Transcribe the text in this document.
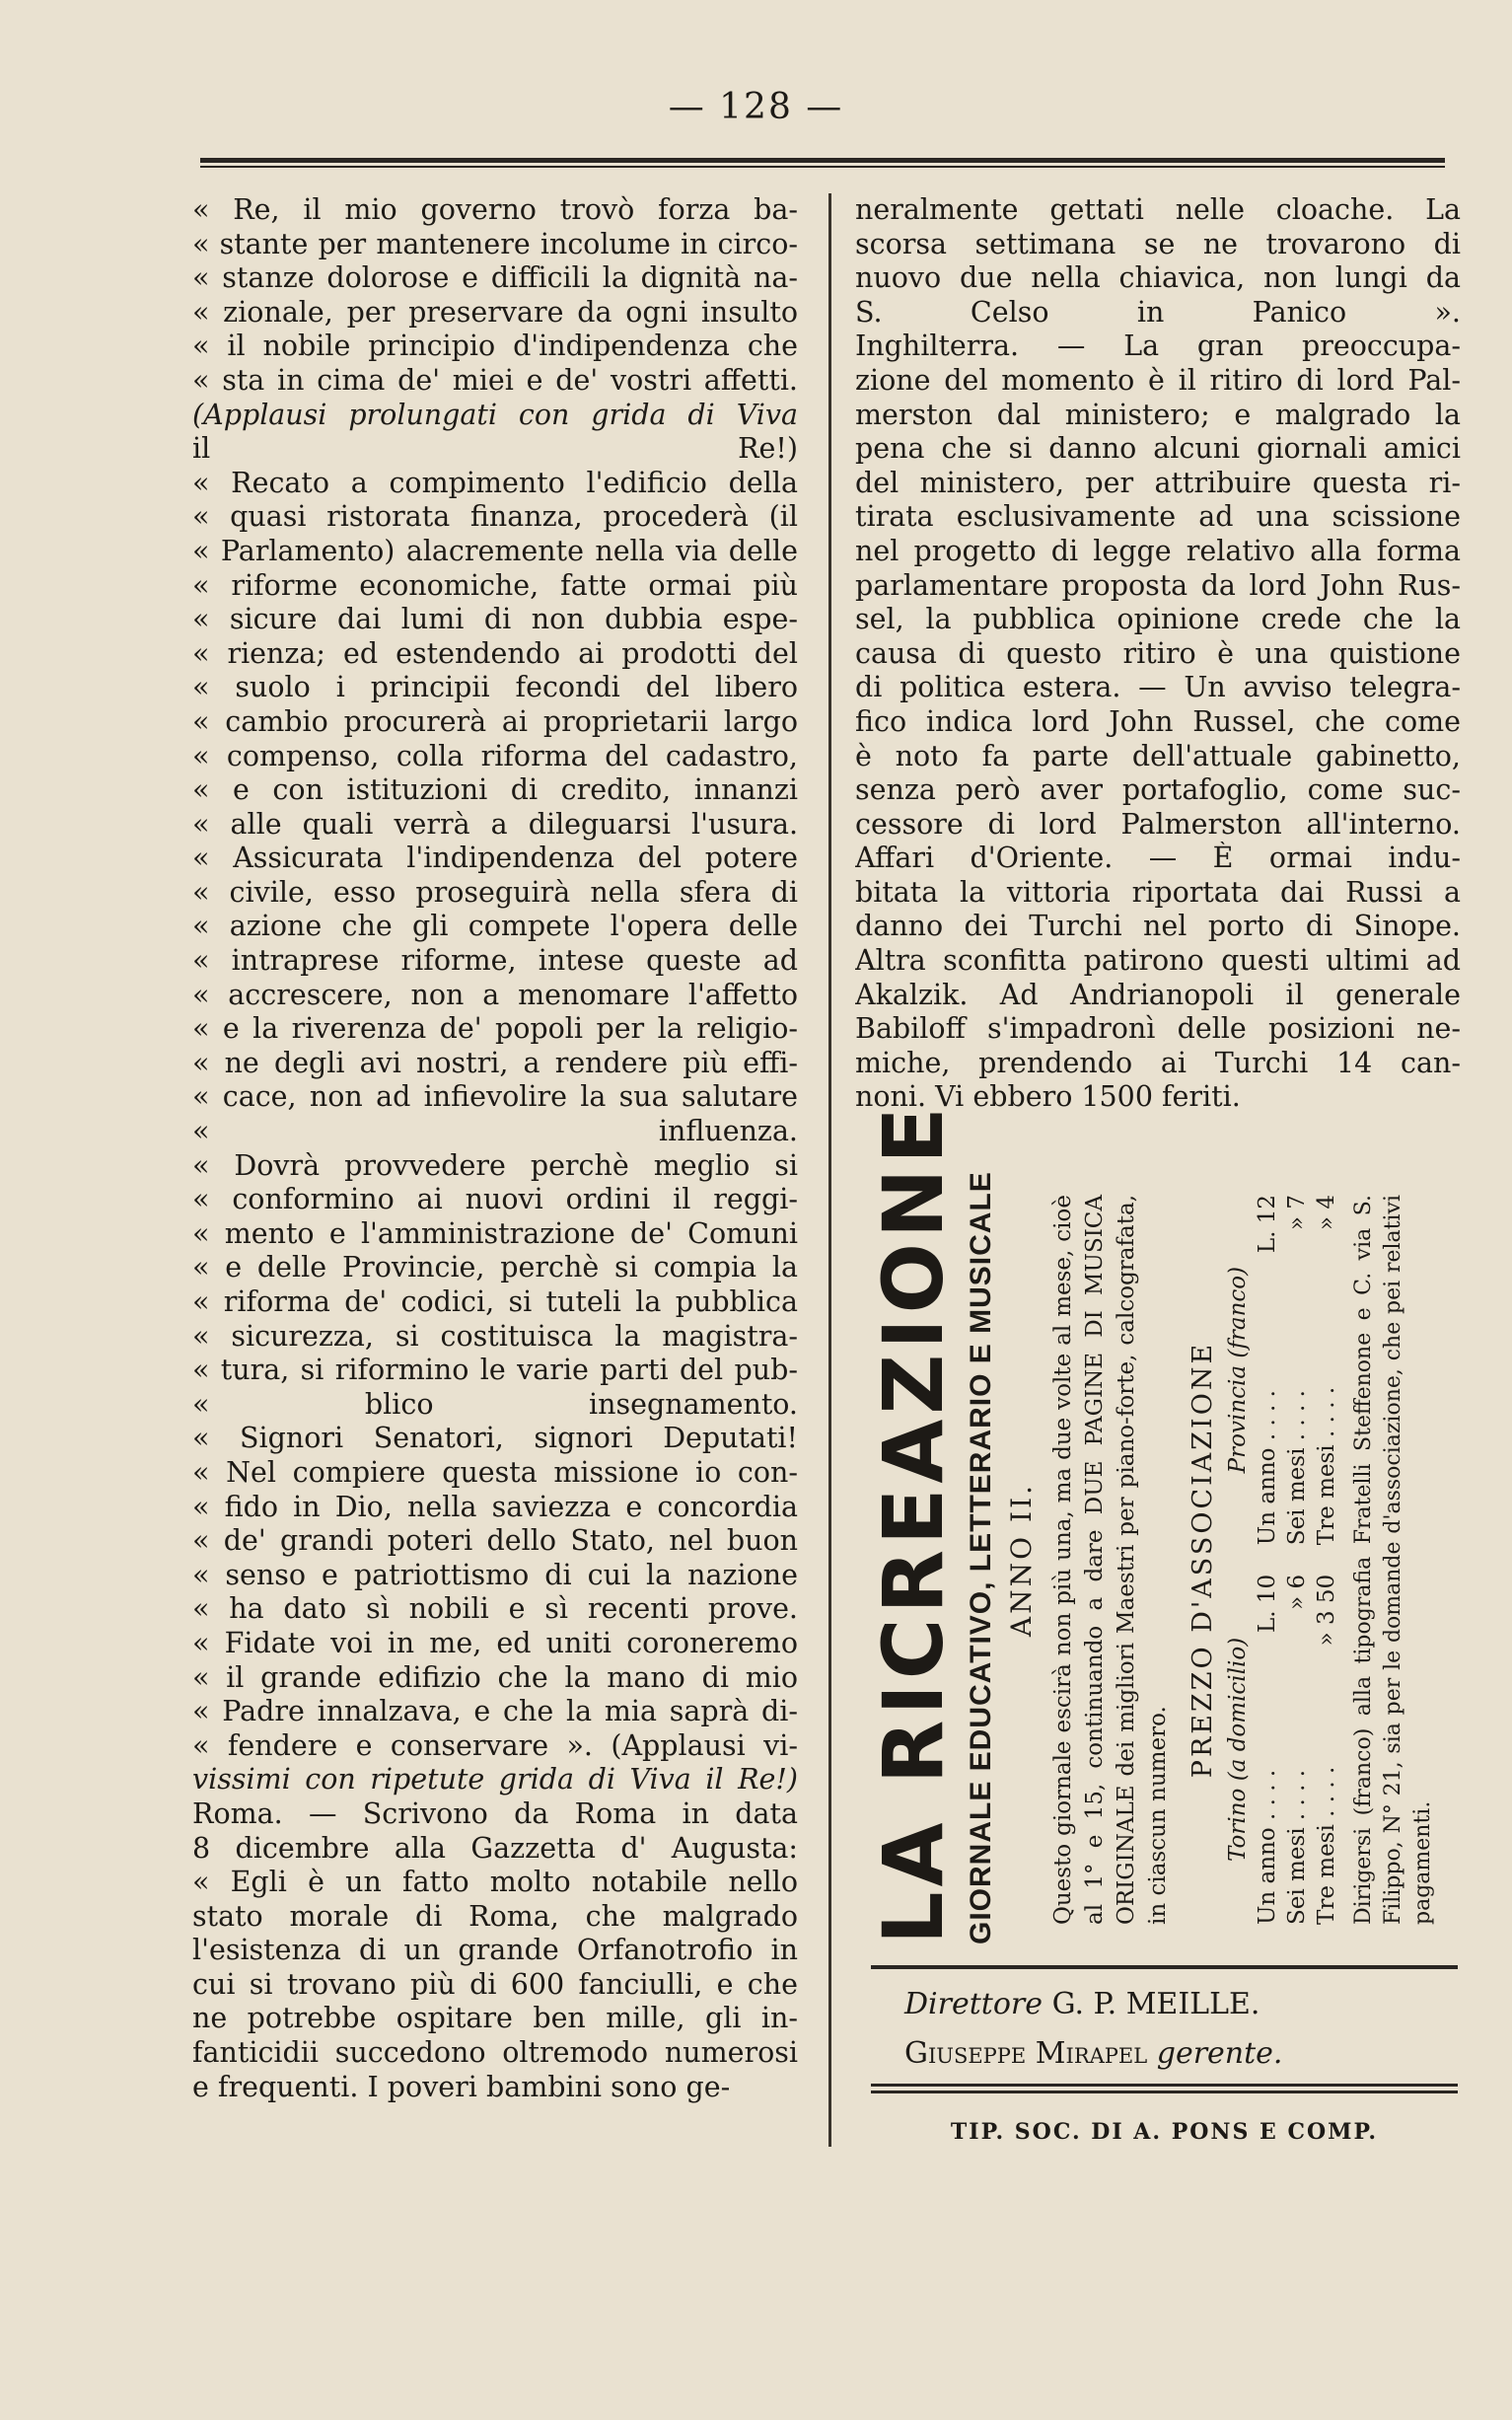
— 128 —
« Re, il mio governo trovò forza ba-
« stante per mantenere incolume in circo-
« stanze dolorose e difficili la dignità na-
« zionale, per preservare da ogni insulto
« il nobile principio d'indipendenza che
« sta in cima de' miei e de' vostri affetti.
(Applausi prolungati con grida di Viva
il Re!)
« Recato a compimento l'edificio della
« quasi ristorata finanza, procederà (il
« Parlamento) alacremente nella via delle
« riforme economiche, fatte ormai più
« sicure dai lumi di non dubbia espe-
« rienza; ed estendendo ai prodotti del
« suolo i principii fecondi del libero
« cambio procurerà ai proprietarii largo
« compenso, colla riforma del cadastro,
« e con istituzioni di credito, innanzi
« alle quali verrà a dileguarsi l'usura.
« Assicurata l'indipendenza del potere
« civile, esso proseguirà nella sfera di
« azione che gli compete l'opera delle
« intraprese riforme, intese queste ad
« accrescere, non a menomare l'affetto
« e la riverenza de' popoli per la religio-
« ne degli avi nostri, a rendere più effi-
« cace, non ad infievolire la sua salutare
« influenza.
« Dovrà provvedere perchè meglio si
« conformino ai nuovi ordini il reggi-
« mento e l'amministrazione de' Comuni
« e delle Provincie, perchè si compia la
« riforma de' codici, si tuteli la pubblica
« sicurezza, si costituisca la magistra-
« tura, si riformino le varie parti del pub-
« blico insegnamento.
« Signori Senatori, signori Deputati!
« Nel compiere questa missione io con-
« fido in Dio, nella saviezza e concordia
« de' grandi poteri dello Stato, nel buon
« senso e patriottismo di cui la nazione
« ha dato sì nobili e sì recenti prove.
« Fidate voi in me, ed uniti coroneremo
« il grande edifizio che la mano di mio
« Padre innalzava, e che la mia saprà di-
« fendere e conservare ». (Applausi vi-
vissimi con ripetute grida di Viva il Re!)
Roma. — Scrivono da Roma in data
8 dicembre alla Gazzetta d' Augusta:
« Egli è un fatto molto notabile nello
stato morale di Roma, che malgrado
l'esistenza di un grande Orfanotrofio in
cui si trovano più di 600 fanciulli, e che
ne potrebbe ospitare ben mille, gli in-
fanticidii succedono oltremodo numerosi
e frequenti. I poveri bambini sono ge-
neralmente gettati nelle cloache. La
scorsa settimana se ne trovarono di
nuovo due nella chiavica, non lungi da
S. Celso in Panico ».
Inghilterra. — La gran preoccupa-
zione del momento è il ritiro di lord Pal-
merston dal ministero; e malgrado la
pena che si danno alcuni giornali amici
del ministero, per attribuire questa ri-
tirata esclusivamente ad una scissione
nel progetto di legge relativo alla forma
parlamentare proposta da lord John Rus-
sel, la pubblica opinione crede che la
causa di questo ritiro è una quistione
di politica estera. — Un avviso telegra-
fico indica lord John Russel, che come
è noto fa parte dell'attuale gabinetto,
senza però aver portafoglio, come suc-
cessore di lord Palmerston all'interno.
Affari d'Oriente. — È ormai indu-
bitata la vittoria riportata dai Russi a
danno dei Turchi nel porto di Sinope.
Altra sconfitta patirono questi ultimi ad
Akalzik. Ad Andrianopoli il generale
Babiloff s'impadronì delle posizioni ne-
miche, prendendo ai Turchi 14 can-
noni. Vi ebbero 1500 feriti.
LA RICREAZIONE GIORNALE EDUCATIVO, LETTERARIO E MUSICALE ANNO II. Questo giornale escirà non più una, ma due volte al mese, cioè al 1° e 15, continuando a dare DUE PAGINE DI MUSICA ORIGINALE dei migliori Maestri per piano-forte, calcografata, in ciascun numero.
PREZZO D'ASSOCIAZIONE Torino (a domicilio) Un anno . . . .
L. 10
Sei mesi . . . .
» 6
Tre mesi . . . .
» 3 50
Provincia (franco) Un anno . . . .
L. 12
Sei mesi . . . .
» 7
Tre mesi . . . .
» 4 Dirigersi (franco) alla tipografia Fratelli Steffenone e C. via S. Filippo, N° 21, sia per le domande d'associazione, che pei relativi pagamenti.
Direttore G. P. MEILLE.
Giuseppe Mirapel gerente.
TIP. SOC. DI A. PONS E COMP.
